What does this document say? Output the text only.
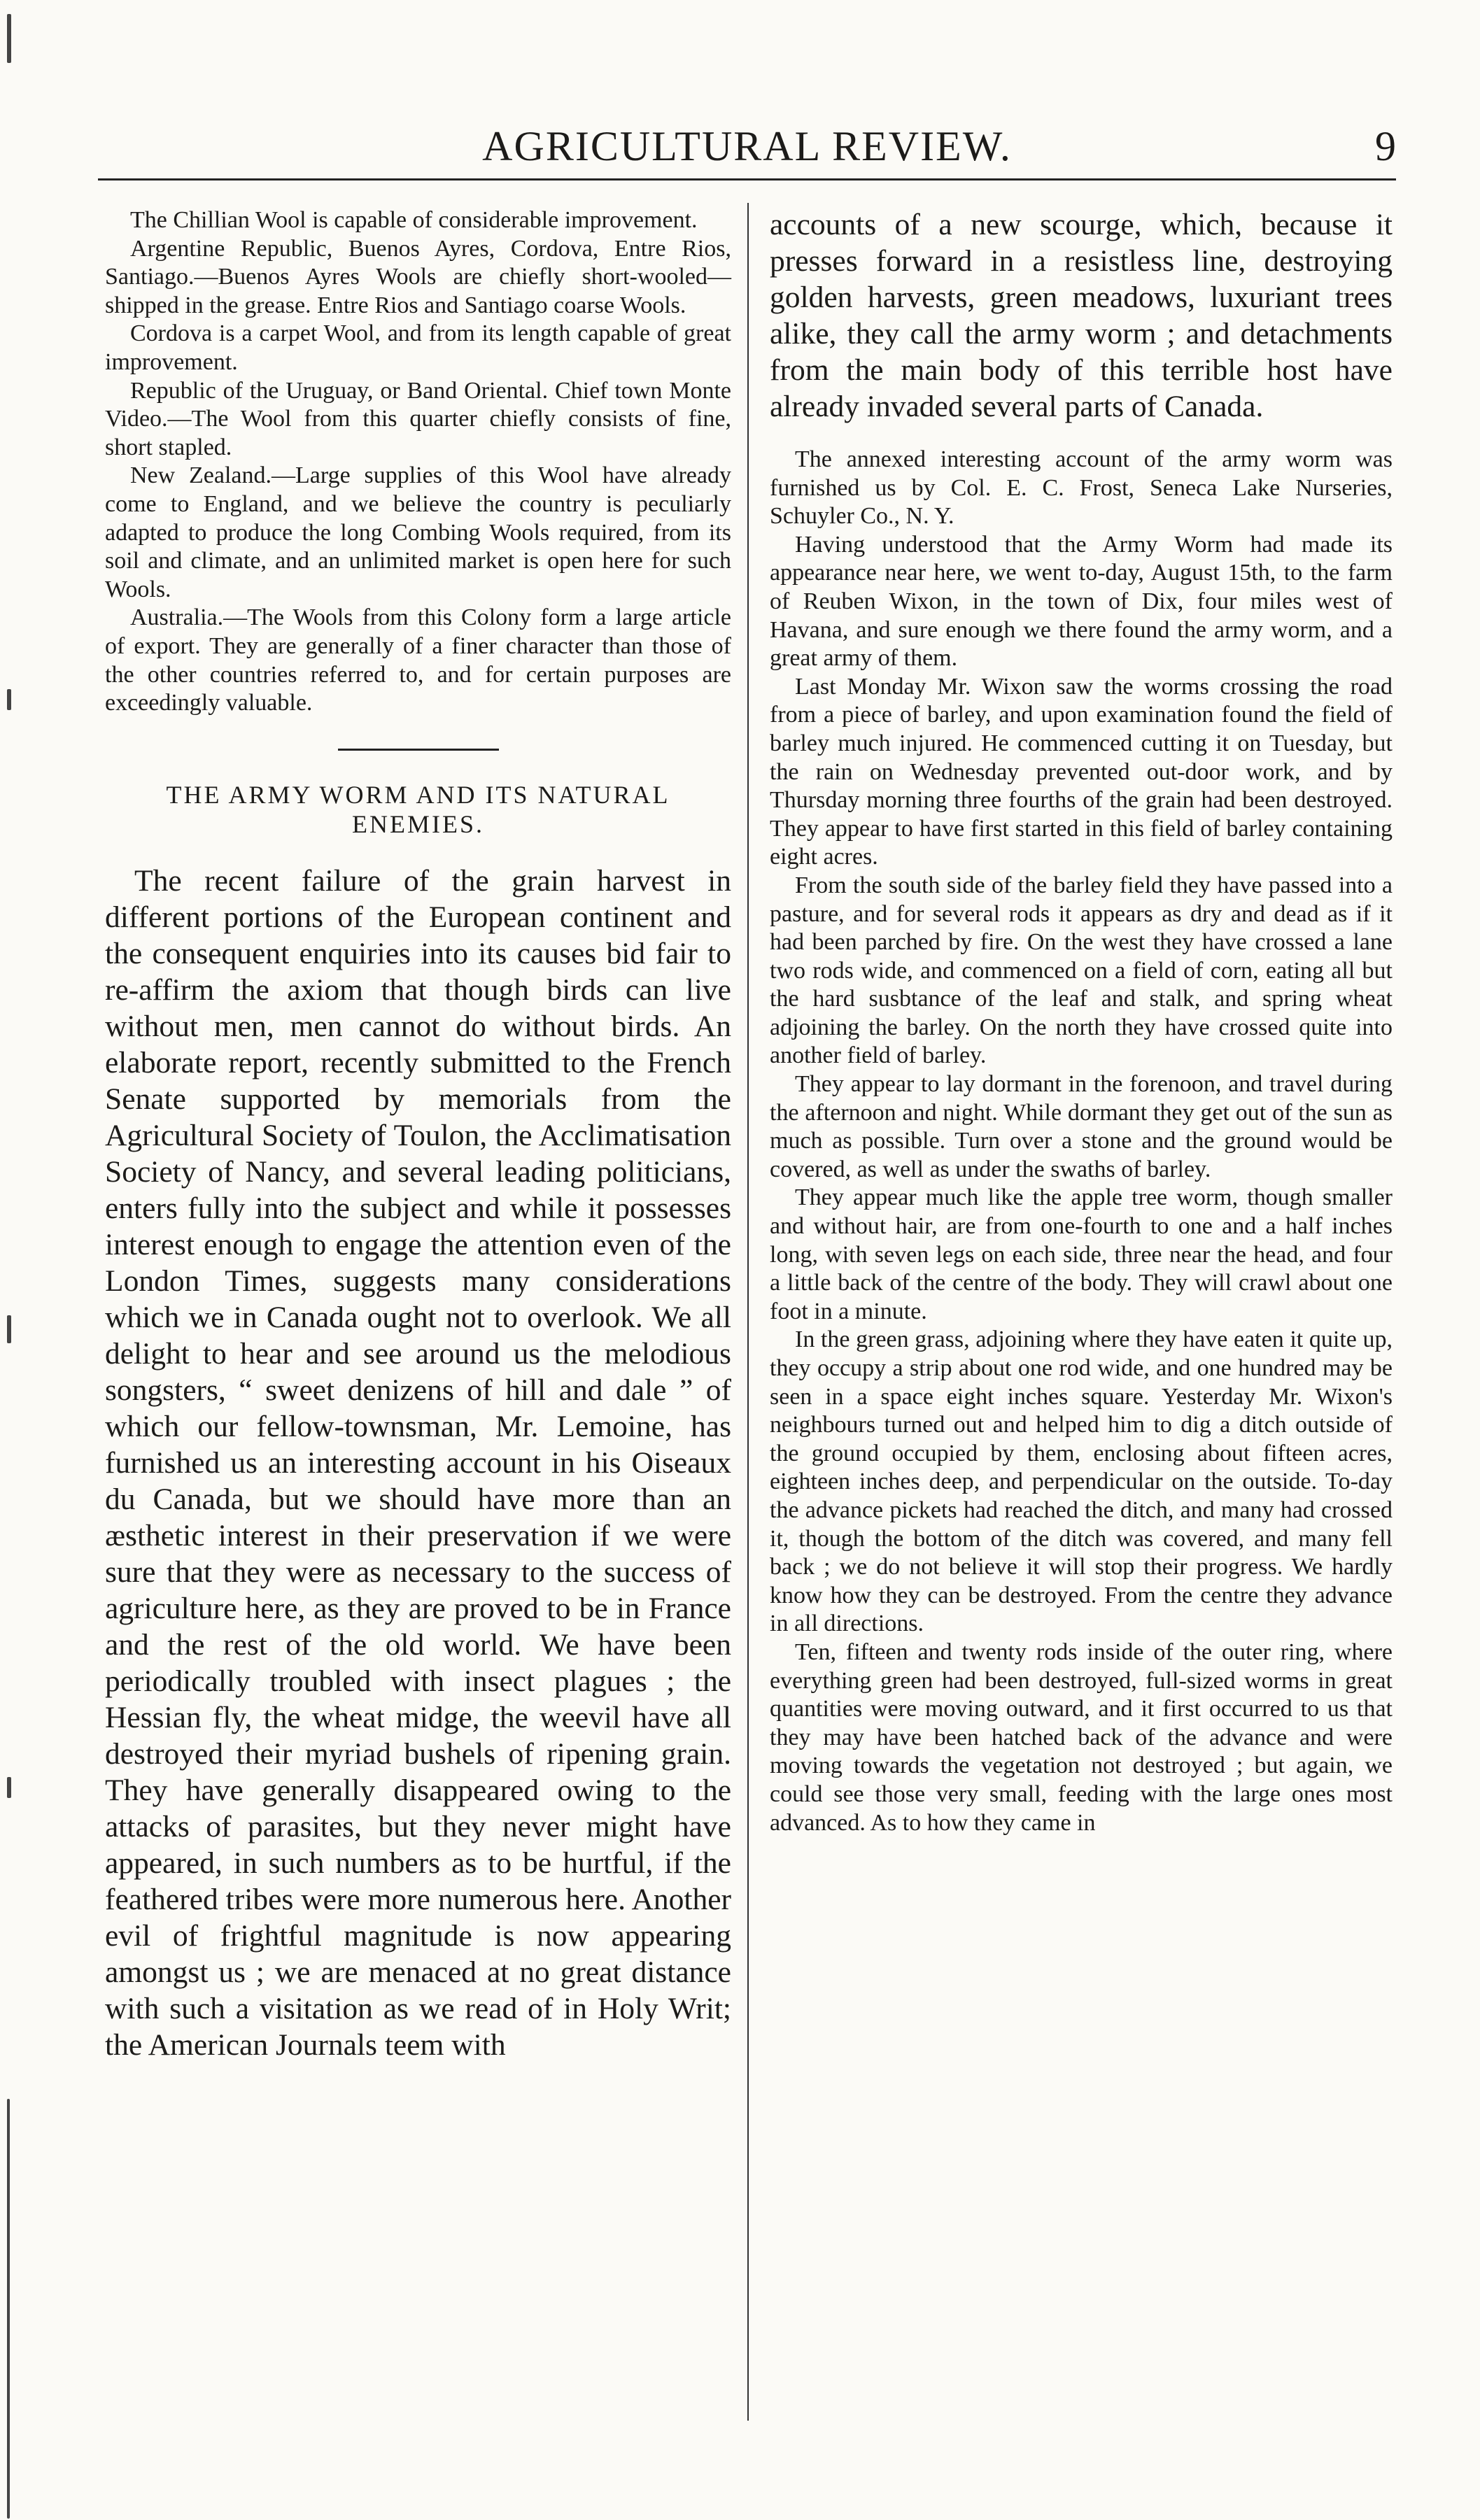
AGRICULTURAL REVIEW.	9

The Chillian Wool is capable of considerable improvement.

Argentine Republic, Buenos Ayres, Cordova, Entre Rios, Santiago.—Buenos Ayres Wools are chiefly short-wooled—shipped in the grease. Entre Rios and Santiago coarse Wools.

Cordova is a carpet Wool, and from its length capable of great improvement.

Republic of the Uruguay, or Band Oriental. Chief town Monte Video.—The Wool from this quarter chiefly consists of fine, short stapled.

New Zealand.—Large supplies of this Wool have already come to England, and we believe the country is peculiarly adapted to produce the long Combing Wools required, from its soil and climate, and an unlimited market is open here for such Wools.

Australia.—The Wools from this Colony form a large article of export. They are generally of a finer character than those of the other countries referred to, and for certain purposes are exceedingly valuable.

THE ARMY WORM AND ITS NATURAL
ENEMIES.

The recent failure of the grain harvest in different portions of the European continent and the consequent enquiries into its causes bid fair to re-affirm the axiom that though birds can live without men, men cannot do without birds. An elaborate report, recently submitted to the French Senate supported by memorials from the Agricultural Society of Toulon, the Acclimatisation Society of Nancy, and several leading politicians, enters fully into the subject and while it possesses interest enough to engage the attention even of the London Times, suggests many considerations which we in Canada ought not to overlook. We all delight to hear and see around us the melodious songsters, “ sweet denizens of hill and dale ” of which our fellow-townsman, Mr. Lemoine, has furnished us an interesting account in his Oiseaux du Canada, but we should have more than an æsthetic interest in their preservation if we were sure that they were as necessary to the success of agriculture here, as they are proved to be in France and the rest of the old world. We have been periodically troubled with insect plagues ; the Hessian fly, the wheat midge, the weevil have all destroyed their myriad bushels of ripening grain. They have generally disappeared owing to the attacks of parasites, but they never might have appeared, in such numbers as to be hurtful, if the feathered tribes were more numerous here. Another evil of frightful magnitude is now appearing amongst us ; we are menaced at no great distance with such a visitation as we read of in Holy Writ; the American Journals teem with

accounts of a new scourge, which, because it presses forward in a resistless line, destroying golden harvests, green meadows, luxuriant trees alike, they call the army worm ; and detachments from the main body of this terrible host have already invaded several parts of Canada.

The annexed interesting account of the army worm was furnished us by Col. E. C. Frost, Seneca Lake Nurseries, Schuyler Co., N. Y.

Having understood that the Army Worm had made its appearance near here, we went to-day, August 15th, to the farm of Reuben Wixon, in the town of Dix, four miles west of Havana, and sure enough we there found the army worm, and a great army of them.

Last Monday Mr. Wixon saw the worms crossing the road from a piece of barley, and upon examination found the field of barley much injured. He commenced cutting it on Tuesday, but the rain on Wednesday prevented out-door work, and by Thursday morning three fourths of the grain had been destroyed. They appear to have first started in this field of barley containing eight acres.

From the south side of the barley field they have passed into a pasture, and for several rods it appears as dry and dead as if it had been parched by fire. On the west they have crossed a lane two rods wide, and commenced on a field of corn, eating all but the hard susbtance of the leaf and stalk, and spring wheat adjoining the barley. On the north they have crossed quite into another field of barley.

They appear to lay dormant in the forenoon, and travel during the afternoon and night. While dormant they get out of the sun as much as possible. Turn over a stone and the ground would be covered, as well as under the swaths of barley.

They appear much like the apple tree worm, though smaller and without hair, are from one-fourth to one and a half inches long, with seven legs on each side, three near the head, and four a little back of the centre of the body. They will crawl about one foot in a minute.

In the green grass, adjoining where they have eaten it quite up, they occupy a strip about one rod wide, and one hundred may be seen in a space eight inches square. Yesterday Mr. Wixon's neighbours turned out and helped him to dig a ditch outside of the ground occupied by them, enclosing about fifteen acres, eighteen inches deep, and perpendicular on the outside. To-day the advance pickets had reached the ditch, and many had crossed it, though the bottom of the ditch was covered, and many fell back ; we do not believe it will stop their progress. We hardly know how they can be destroyed. From the centre they advance in all directions.

Ten, fifteen and twenty rods inside of the outer ring, where everything green had been destroyed, full-sized worms in great quantities were moving outward, and it first occurred to us that they may have been hatched back of the advance and were moving towards the vegetation not destroyed ; but again, we could see those very small, feeding with the large ones most advanced. As to how they came in
